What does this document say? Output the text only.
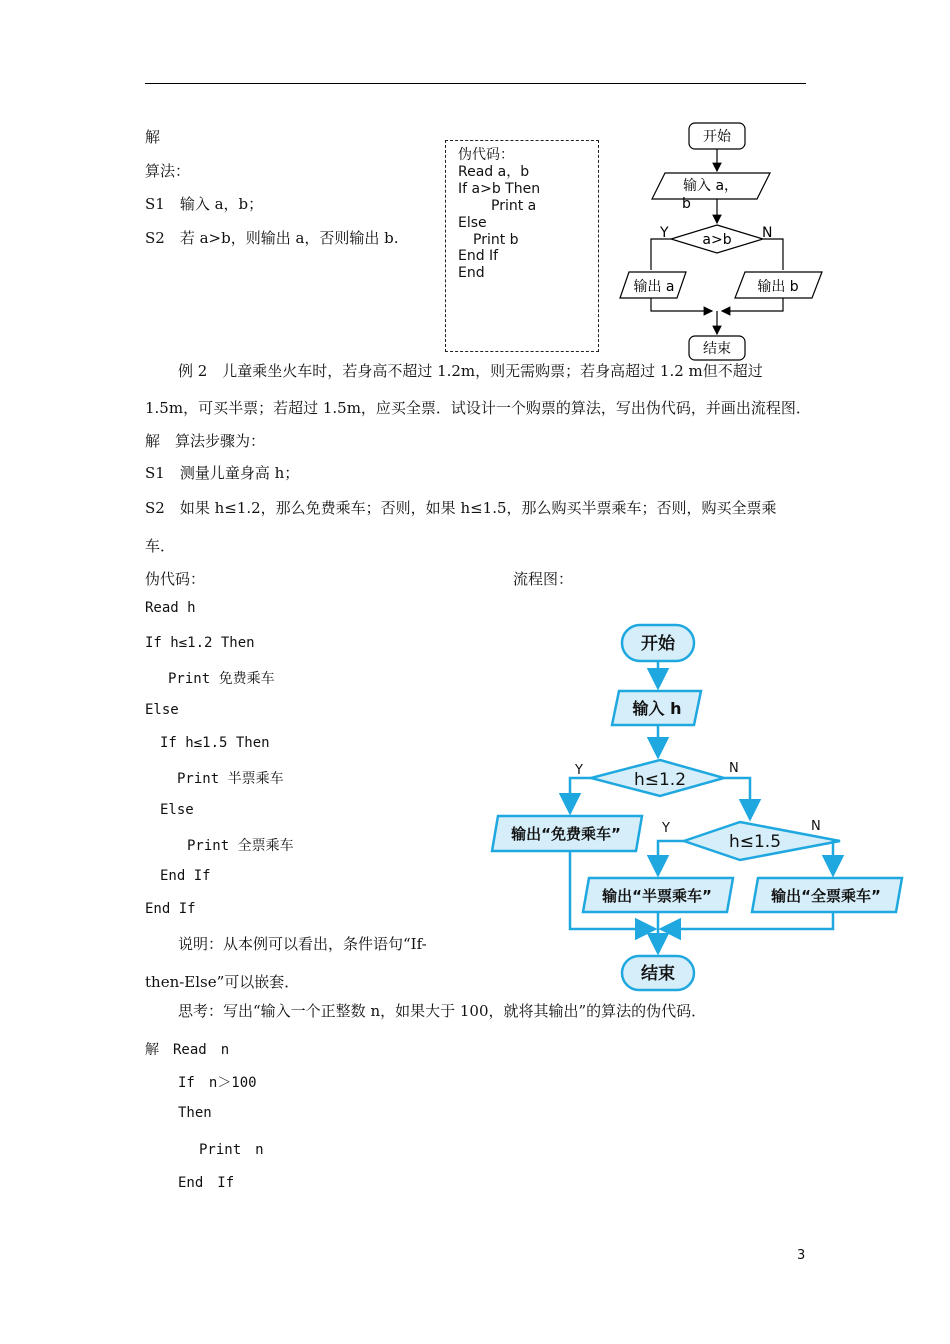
解
算法：
S1　输入 a，b；
S2　若 a>b，则输出 a，否则输出 b.
伪代码：
Read a，b
If a>b Then
Print a
Else
Print b
End If
End
开始
输入 a，
b
a>b
Y	N
输出 a	输出 b
结束
例 2　儿童乘坐火车时，若身高不超过 1.2m，则无需购票；若身高超过 1.2 m但不超过
1.5m，可买半票；若超过 1.5m，应买全票．试设计一个购票的算法，写出伪代码，并画出流程图．
解　算法步骤为：
S1　测量儿童身高 h；
S2　如果 h≤1.2，那么免费乘车；否则，如果 h≤1.5，那么购买半票乘车；否则，购买全票乘
车．
伪代码：	流程图：
Read h
If h≤1.2 Then
Print 免费乘车
Else
If h≤1.5 Then
Print 半票乘车
Else
Print 全票乘车
End If
End If
说明：从本例可以看出，条件语句“If-
then-Else”可以嵌套．
开始
输入 h
h≤1.2
h≤1.5
输出“免费乘车”
输出“半票乘车”	输出“全票乘车”
结束
Y	N
Y	N
思考：写出“输入一个正整数 n，如果大于 100，就将其输出”的算法的伪代码．
解　Read　n
If　n＞100
Then
Print　n
End　If
3
